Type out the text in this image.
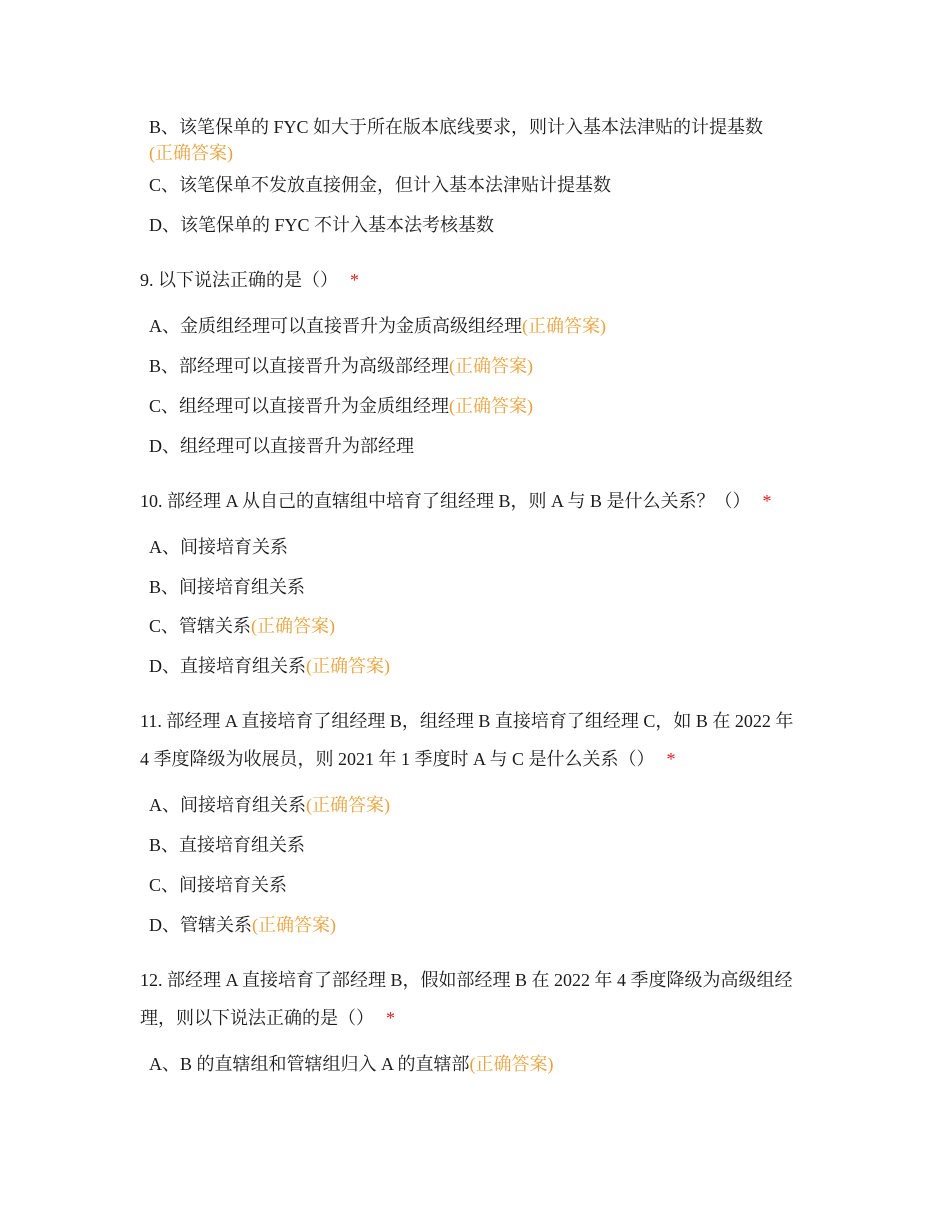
B、该笔保单的 FYC 如大于所在版本底线要求，则计入基本法津贴的计提基数
(正确答案)
C、该笔保单不发放直接佣金，但计入基本法津贴计提基数
D、该笔保单的 FYC 不计入基本法考核基数
9. 以下说法正确的是（） *
A、金质组经理可以直接晋升为金质高级组经理(正确答案)
B、部经理可以直接晋升为高级部经理(正确答案)
C、组经理可以直接晋升为金质组经理(正确答案)
D、组经理可以直接晋升为部经理
10. 部经理 A 从自己的直辖组中培育了组经理 B，则 A 与 B 是什么关系？（） *
A、间接培育关系
B、间接培育组关系
C、管辖关系(正确答案)
D、直接培育组关系(正确答案)
11. 部经理 A 直接培育了组经理 B，组经理 B 直接培育了组经理 C，如 B 在 2022 年
4 季度降级为收展员，则 2021 年 1 季度时 A 与 C 是什么关系（） *
A、间接培育组关系(正确答案)
B、直接培育组关系
C、间接培育关系
D、管辖关系(正确答案)
12. 部经理 A 直接培育了部经理 B，假如部经理 B 在 2022 年 4 季度降级为高级组经
理，则以下说法正确的是（） *
A、B 的直辖组和管辖组归入 A 的直辖部(正确答案)
